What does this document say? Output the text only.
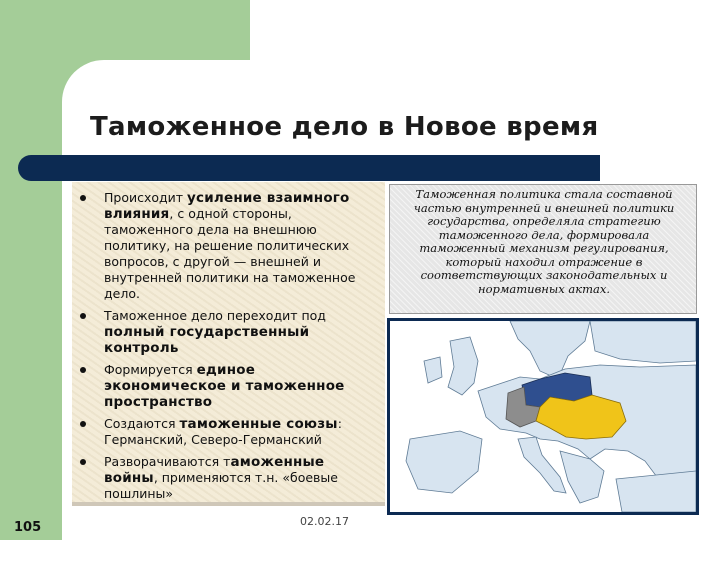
Таможенное дело в Новое время
Происходит усиление взаимного влияния, с одной стороны, таможенного дела на внешнюю политику, на решение политических вопросов, с другой — внешней и внутренней политики на таможенное дело.
Таможенное дело переходит под полный государственный контроль
Формируется единое экономическое и таможенное пространство
Создаются таможенные союзы: Германский, Северо-Германский
Разворачиваются таможенные войны, применяются т.н. «боевые пошлины»

Таможенная политика стала составной частью внутренней и внешней политики государства, определяла стратегию таможенного дела, формировала таможенный механизм регулирования, который находил отражение в соответствующих законодательных и нормативных актах.

02.02.17
105
